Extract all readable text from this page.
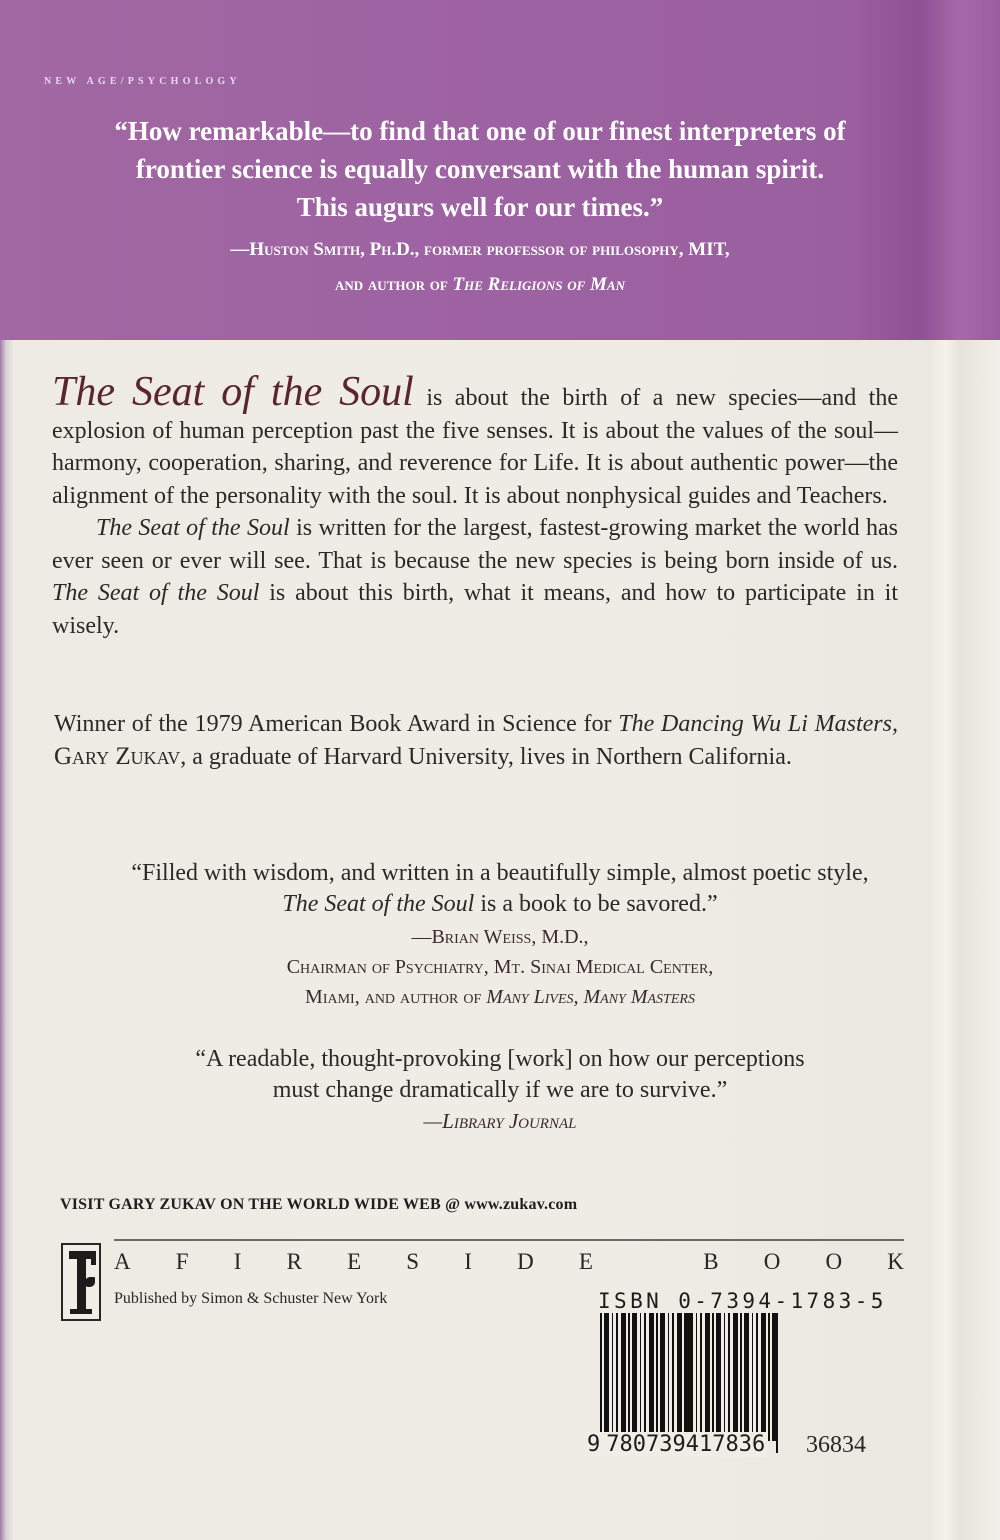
NEW AGE/PSYCHOLOGY
“How remarkable—to find that one of our finest interpreters of
frontier science is equally conversant with the human spirit.
This augurs well for our times.”
—Huston Smith, Ph.D., former professor of philosophy, MIT,
and author of The Religions of Man

The Seat of the Soul is about the birth of a new species—and the explosion of human perception past the five senses. It is about the values of the soul—harmony, cooperation, sharing, and reverence for Life. It is about authentic power—the alignment of the personality with the soul. It is about nonphysical guides and Teachers.

The Seat of the Soul is written for the largest, fastest-growing market the world has ever seen or ever will see. That is because the new species is being born inside of us. The Seat of the Soul is about this birth, what it means, and how to participate in it wisely.

Winner of the 1979 American Book Award in Science for The Dancing Wu Li Masters, Gary Zukav, a graduate of Harvard University, lives in Northern California.
“Filled with wisdom, and written in a beautifully simple, almost poetic style,
The Seat of the Soul is a book to be savored.”
—Brian Weiss, M.D.,
Chairman of Psychiatry, Mt. Sinai Medical Center,
Miami, and author of Many Lives, Many Masters
“A readable, thought-provoking [work] on how our perceptions
must change dramatically if we are to survive.”
—Library Journal
VISIT GARY ZUKAV ON THE WORLD WIDE WEB @ www.zukav.com
A F I R E S I D E	B O O K
Published by Simon & Schuster New York	ISBN 0-7394-1783-5
9 780739417836 36834
